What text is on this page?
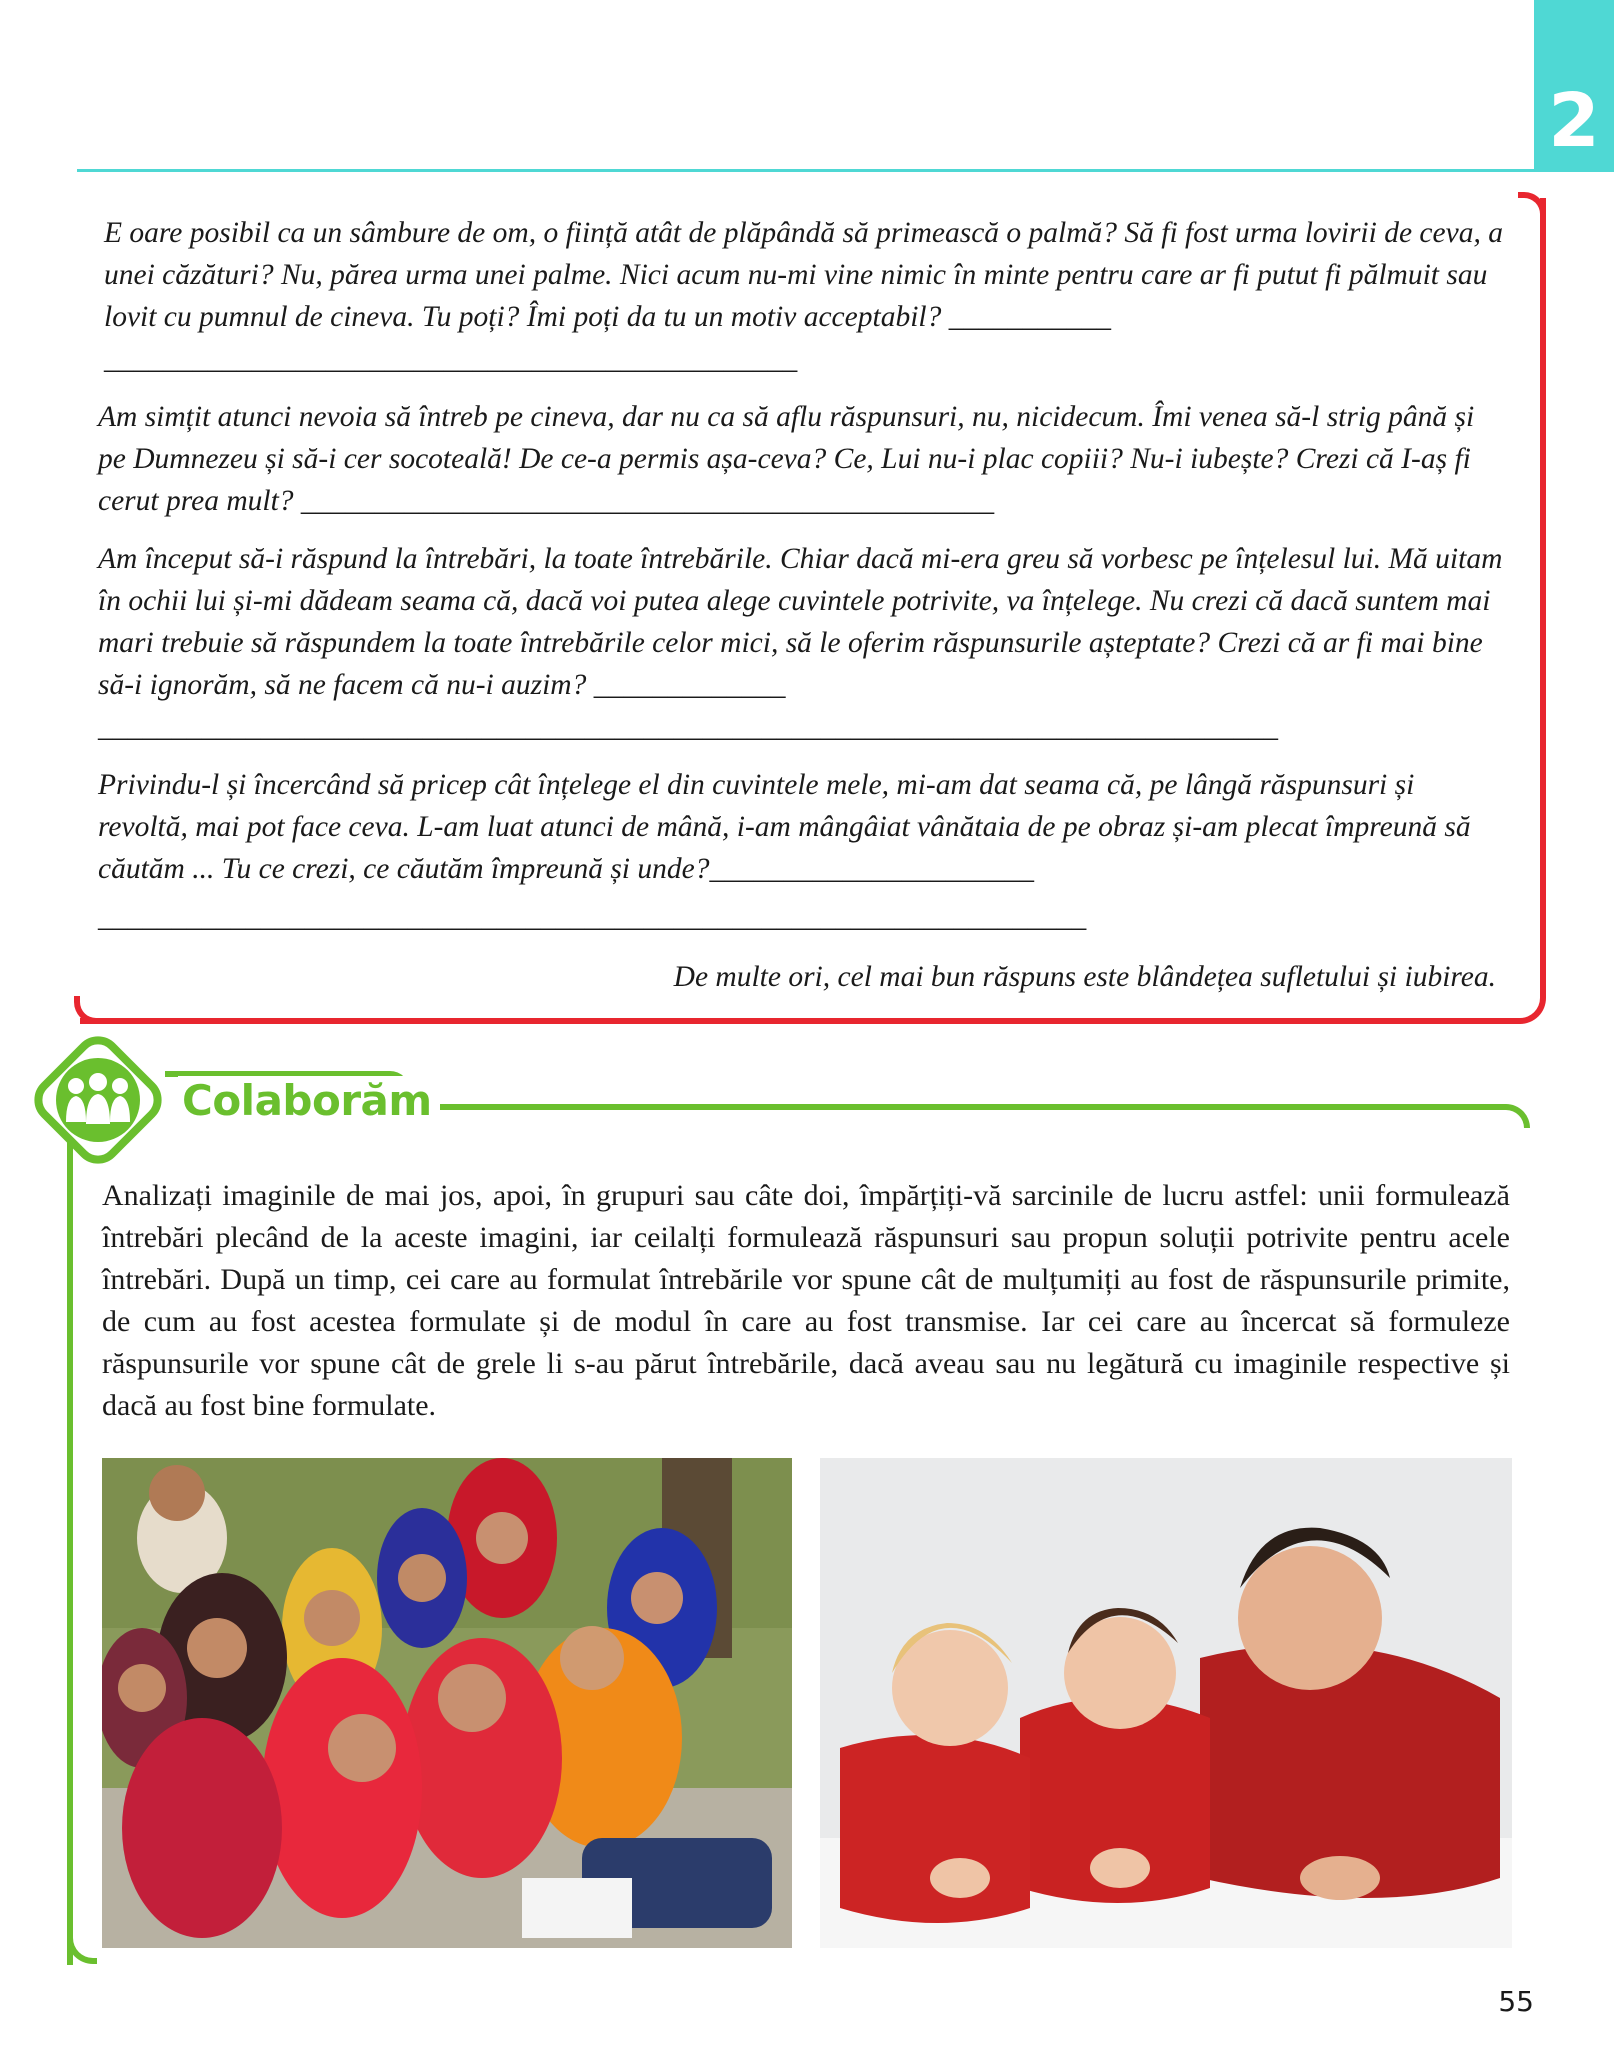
2

E oare posibil ca un sâmbure de om, o ființă atât de plăpândă să primească o palmă? Să fi fost urma lovirii de ceva, a unei căzături? Nu, părea urma unei palme. Nici acum nu-mi vine nimic în minte pentru care ar fi putut fi pălmuit sau lovit cu pumnul de cineva. Tu poți? Îmi poți da tu un motiv acceptabil? ___________
_______________________________________________

Am simțit atunci nevoia să întreb pe cineva, dar nu ca să aflu răspunsuri, nu, nicidecum. Îmi venea să-l strig până și pe Dumnezeu și să-i cer socoteală! De ce-a permis așa-ceva? Ce, Lui nu-i plac copiii? Nu-i iubește? Crezi că I-aș fi cerut prea mult? _______________________________________________

Am început să-i răspund la întrebări, la toate întrebările. Chiar dacă mi-era greu să vorbesc pe înțelesul lui. Mă uitam în ochii lui și-mi dădeam seama că, dacă voi putea alege cuvintele potrivite, va înțelege. Nu crezi că dacă suntem mai mari trebuie să răspundem la toate întrebările celor mici, să le oferim răspunsurile așteptate? Crezi că ar fi mai bine să-i ignorăm, să ne facem că nu-i auzim? _____________
________________________________________________________________________________

Privindu-l și încercând să pricep cât înțelege el din cuvintele mele, mi-am dat seama că, pe lângă răspunsuri și revoltă, mai pot face ceva. L-am luat atunci de mână, i-am mângâiat vânătaia de pe obraz și-am plecat împreună să căutăm ... Tu ce crezi, ce căutăm împreună și unde?______________________

___________________________________________________________________

De multe ori, cel mai bun răspuns este blândețea sufletului și iubirea.
Colaborăm
Analizați imaginile de mai jos, apoi, în grupuri sau câte doi, împărțiți-vă sarcinile de lucru astfel: unii formulează întrebări plecând de la aceste imagini, iar ceilalți formulează răspunsuri sau propun soluții potrivite pentru acele întrebări. După un timp, cei care au formulat întrebările vor spune cât de mulțumiți au fost de răspunsurile primite, de cum au fost acestea formulate și de modul în care au fost transmise. Iar cei care au încercat să formuleze răspunsurile vor spune cât de grele li s-au părut întrebările, dacă aveau sau nu legătură cu imaginile respective și dacă au fost bine formulate.
55
